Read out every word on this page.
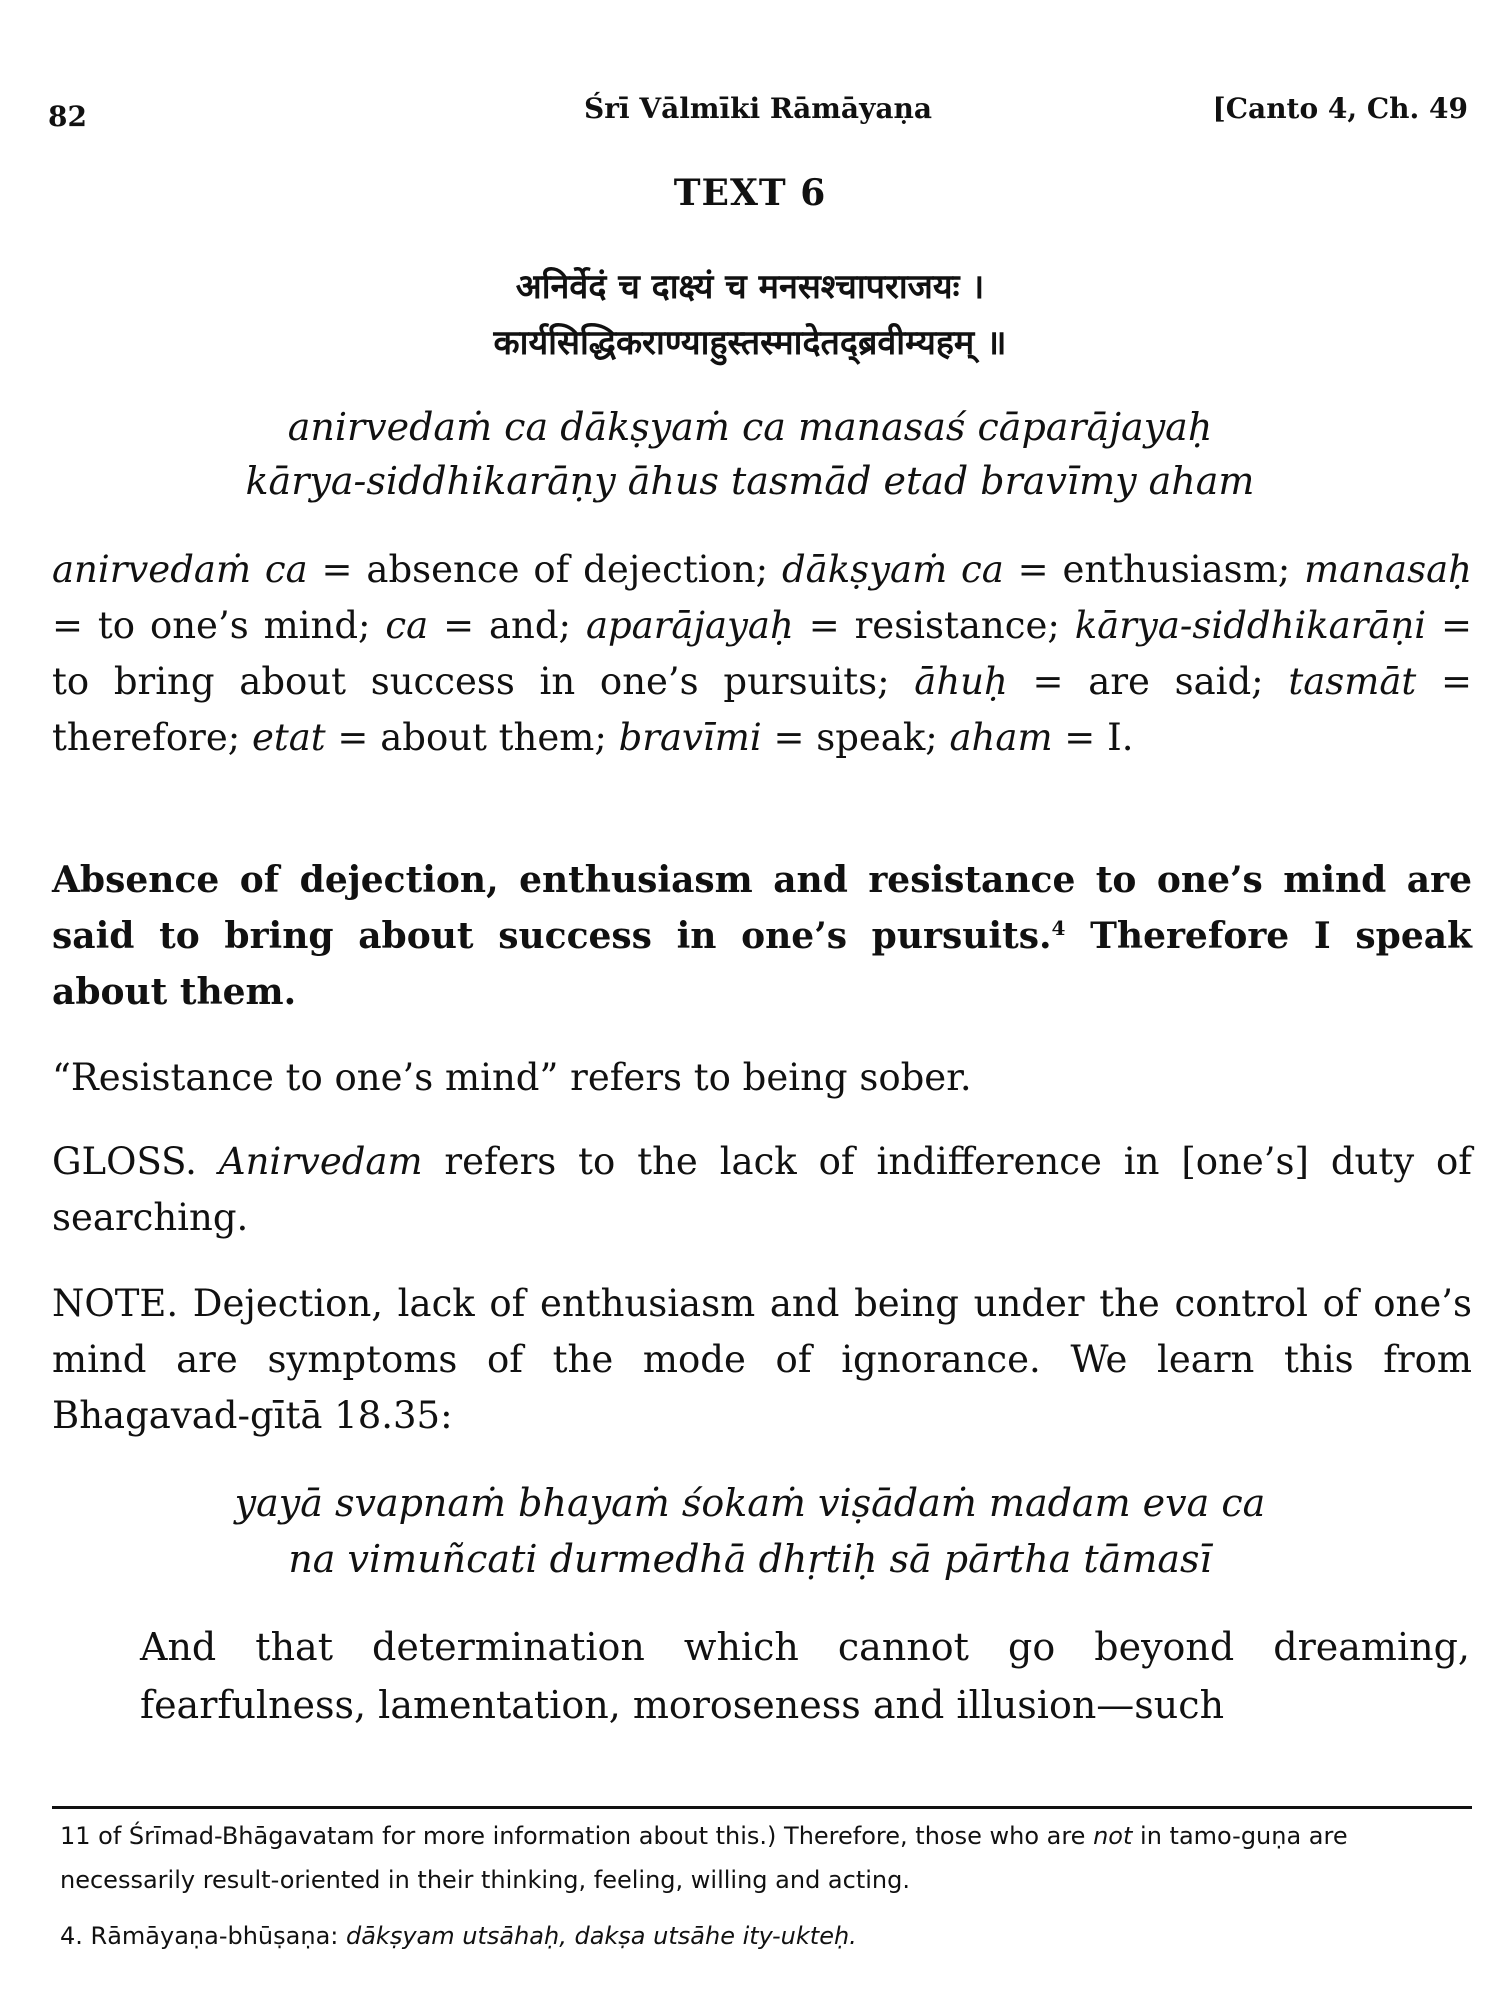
82	Śrī Vālmīki Rāmāyaṇa	[Canto 4, Ch. 49
TEXT 6
अनिर्वेदं च दाक्ष्यं च मनसश्चापराजयः ।
कार्यसिद्धिकराण्याहुस्तस्मादेतद्ब्रवीम्यहम् ॥
anirvedaṁ ca dākṣyaṁ ca manasaś cāparājayaḥ
kārya-siddhikarāṇy āhus tasmād etad bravīmy aham
anirvedaṁ ca = absence of dejection; dākṣyaṁ ca = enthusiasm; manasaḥ = to one’s mind; ca = and; aparājayaḥ = resistance; kārya-siddhikarāṇi = to bring about success in one’s pursuits; āhuḥ = are said; tasmāt = therefore; etat = about them; bravīmi = speak; aham = I.
Absence of dejection, enthusiasm and resistance to one’s mind are said to bring about success in one’s pursuits.$^4$ Therefore I speak about them.
“Resistance to one’s mind” refers to being sober.
GLOSS. Anirvedam refers to the lack of indifference in [one’s] duty of searching.
NOTE. Dejection, lack of enthusiasm and being under the control of one’s mind are symptoms of the mode of ignorance. We learn this from Bhagavad-gītā 18.35:
yayā svapnaṁ bhayaṁ śokaṁ viṣādaṁ madam eva ca
na vimuñcati durmedhā dhṛtiḥ sā pārtha tāmasī
And that determination which cannot go beyond dreaming, fearfulness, lamentation, moroseness and illusion—such
11 of Śrīmad-Bhāgavatam for more information about this.) Therefore, those who are not in tamo-guṇa are necessarily result-oriented in their thinking, feeling, willing and acting.
4. Rāmāyaṇa-bhūṣaṇa: dākṣyam utsāhaḥ, dakṣa utsāhe ity-ukteḥ.
